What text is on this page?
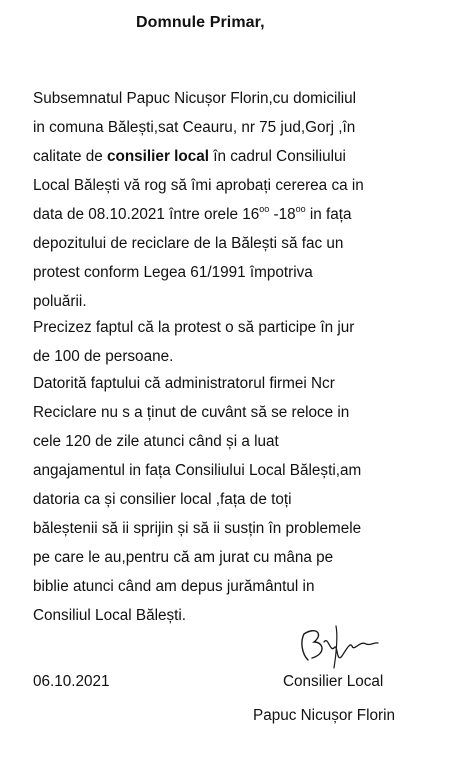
Domnule Primar,

Subsemnatul Papuc Nicușor Florin,cu domiciliul
in comuna Bălești,sat Ceauru, nr 75 jud,Gorj ,în
calitate de consilier local în cadrul Consiliului
Local Bălești vă rog să îmi aprobați cererea ca in
data de 08.10.2021 între orele $16^{oo}$ $-18^{oo}$ in fața
depozitului de reciclare de la Bălești să fac un
protest conform Legea 61/1991 împotriva
poluării.

Precizez faptul că la protest o să participe în jur
de 100 de persoane.

Datorită faptului că administratorul firmei Ncr
Reciclare nu s a ținut de cuvânt să se reloce in
cele 120 de zile atunci când și a luat
angajamentul in fața Consiliului Local Bălești,am
datoria ca și consilier local ,fața de toți
băleștenii să ii sprijin și să ii susțin în problemele
pe care le au,pentru că am jurat cu mâna pe
biblie atunci când am depus jurământul in
Consiliul Local Bălești.

06.10.2021	Consilier Local
Papuc Nicușor Florin
